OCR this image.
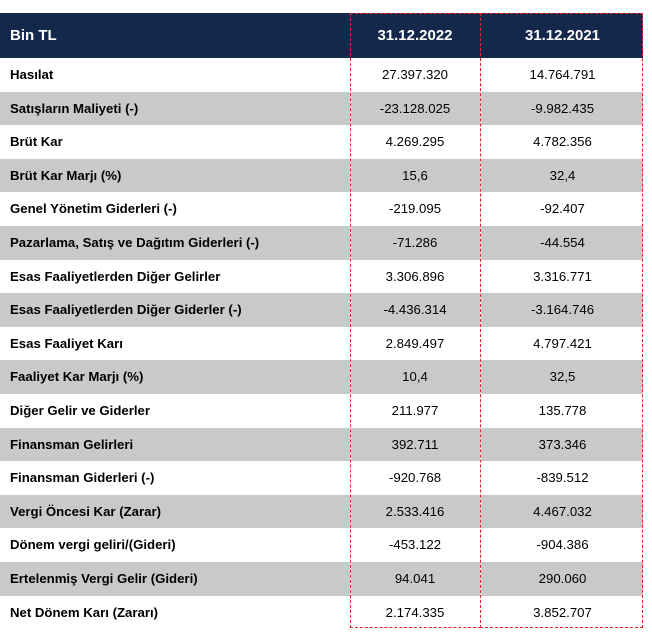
Bin TL	31.12.2022	31.12.2021
Hasılat	27.397.320	14.764.791
Satışların Maliyeti (-)	-23.128.025	-9.982.435
Brüt Kar	4.269.295	4.782.356
Brüt Kar Marjı (%)	15,6	32,4
Genel Yönetim Giderleri (-)	-219.095	-92.407
Pazarlama, Satış ve Dağıtım Giderleri (-)	-71.286	-44.554
Esas Faaliyetlerden Diğer Gelirler	3.306.896	3.316.771
Esas Faaliyetlerden Diğer Giderler (-)	-4.436.314	-3.164.746
Esas Faaliyet Karı	2.849.497	4.797.421
Faaliyet Kar Marjı (%)	10,4	32,5
Diğer Gelir ve Giderler	211.977	135.778
Finansman Gelirleri	392.711	373.346
Finansman Giderleri (-)	-920.768	-839.512
Vergi Öncesi Kar (Zarar)	2.533.416	4.467.032
Dönem vergi geliri/(Gideri)	-453.122	-904.386
Ertelenmiş Vergi Gelir (Gideri)	94.041	290.060
Net Dönem Karı (Zararı)	2.174.335	3.852.707
